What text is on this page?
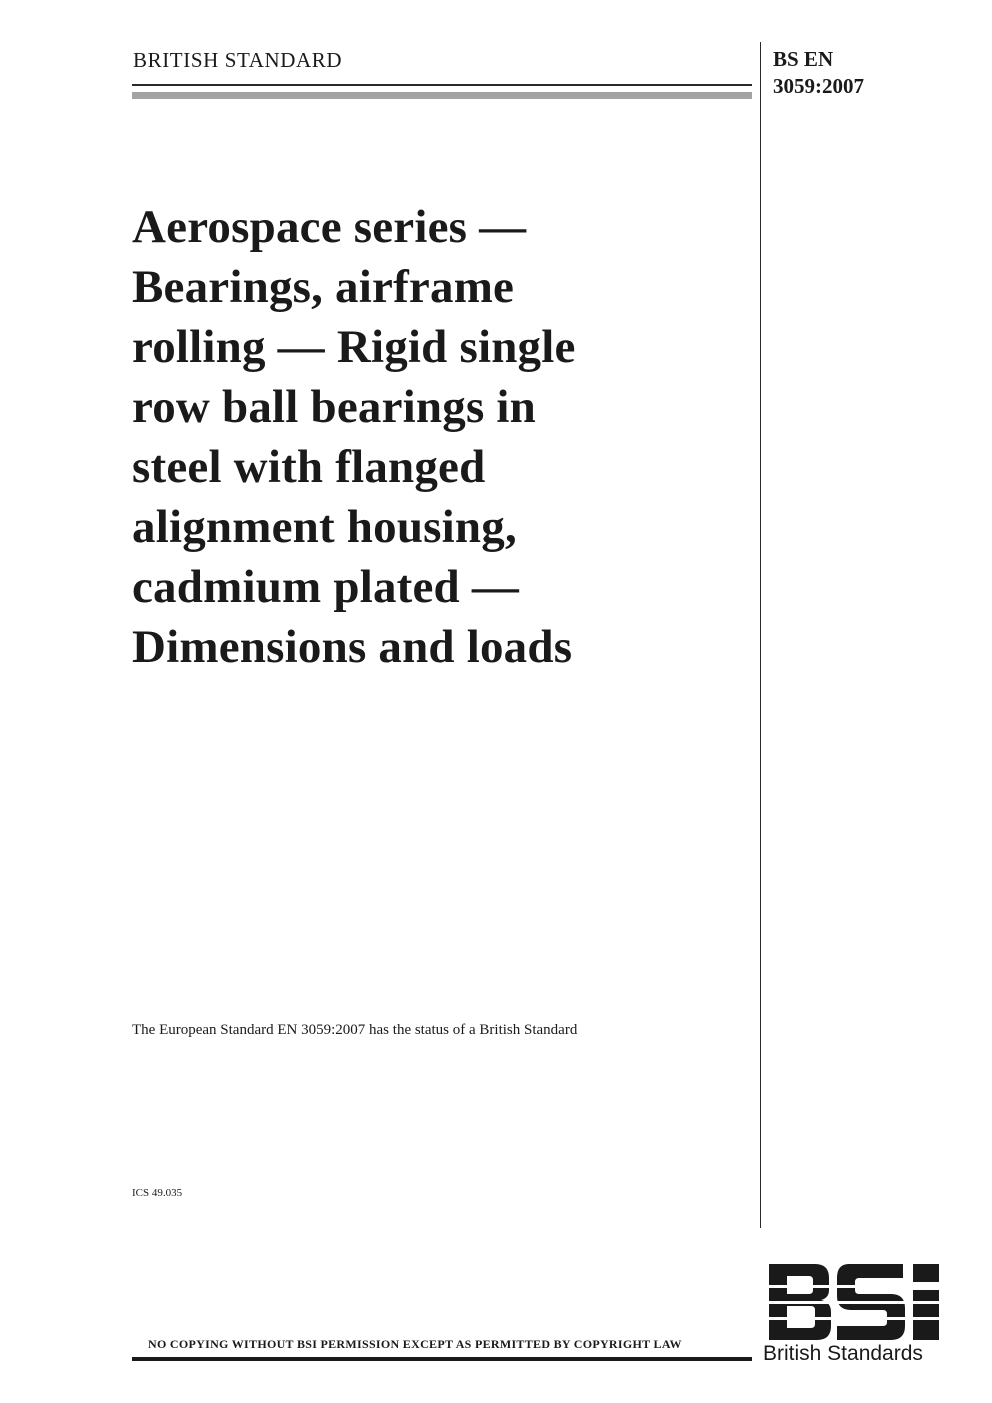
BRITISH STANDARD	BS EN
3059:2007
Aerospace series —
Bearings, airframe
rolling — Rigid single
row ball bearings in
steel with flanged
alignment housing,
cadmium plated —
Dimensions and loads
The European Standard EN 3059:2007 has the status of a British Standard
ICS 49.035
NO COPYING WITHOUT BSI PERMISSION EXCEPT AS PERMITTED BY COPYRIGHT LAW	British Standards
